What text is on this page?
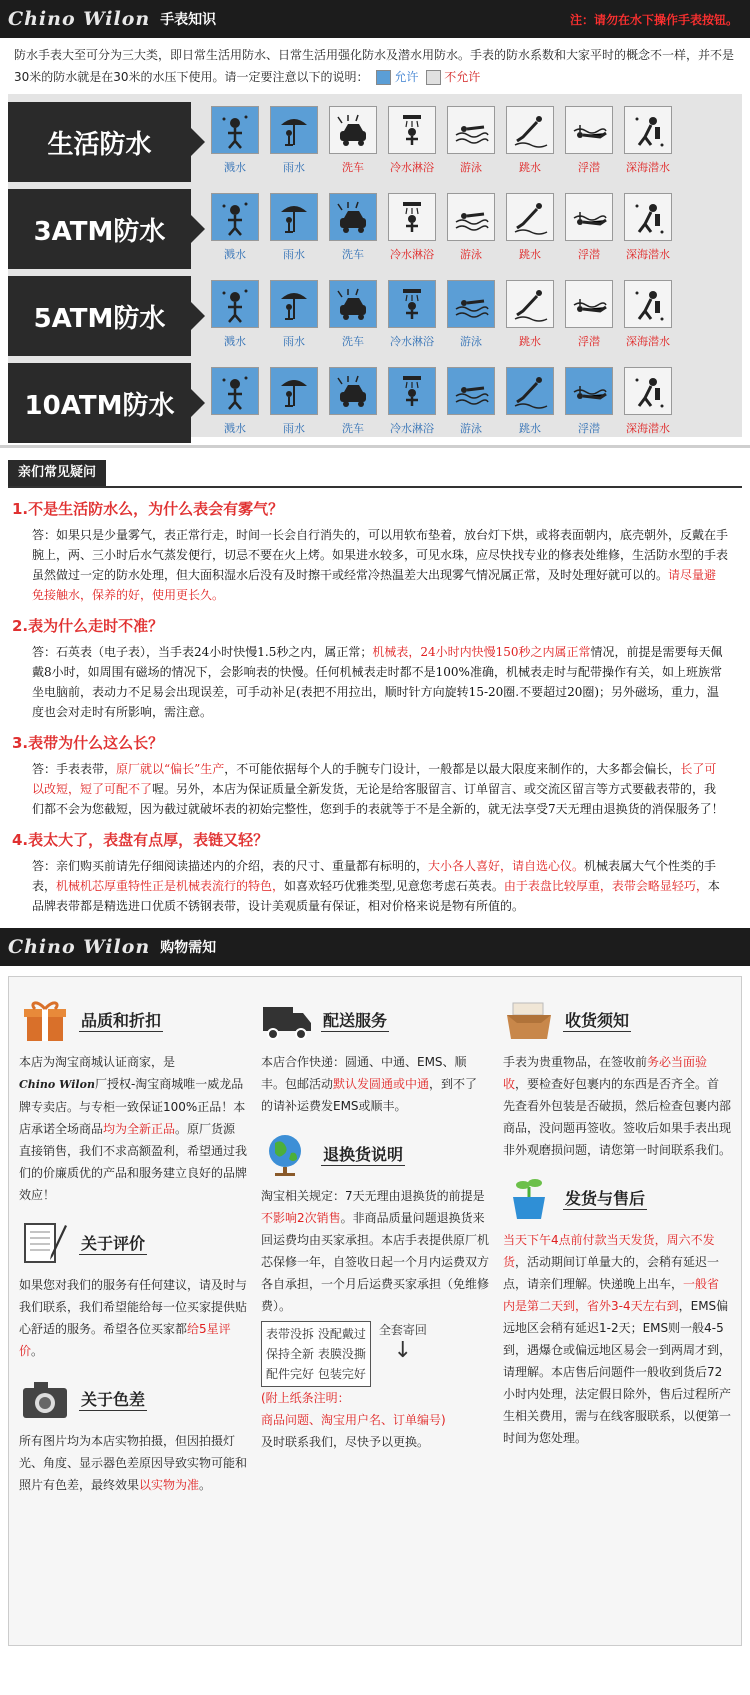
Chino Wilon 手表知识	注：请勿在水下操作手表按钮。
防水手表大至可分为三大类，即日常生活用防水、日常生活用强化防水及潜水用防水。手表的防水系数和大家平时的概念不一样，并不是30米的防水就是在30米的水压下使用。请一定要注意以下的说明： 允许 不允许
生活防水
溅水	雨水	洗车	冷水淋浴	游泳	跳水	浮潜	深海潜水
3ATM防水
溅水	雨水	洗车	冷水淋浴	游泳	跳水	浮潜	深海潜水
5ATM防水
溅水	雨水	洗车	冷水淋浴	游泳	跳水	浮潜	深海潜水
10ATM防水
溅水	雨水	洗车	冷水淋浴	游泳	跳水	浮潜	深海潜水
亲们常见疑问
1.不是生活防水么，为什么表会有雾气？
答：如果只是少量雾气，表正常行走，时间一长会自行消失的，可以用软布垫着，放台灯下烘，或将表面朝内，底壳朝外，反戴在手腕上，两、三小时后水气蒸发便行，切忌不要在火上烤。如果进水较多，可见水珠，应尽快找专业的修表处维修，生活防水型的手表虽然做过一定的防水处理，但大面积湿水后没有及时擦干或经常冷热温差大出现雾气情况属正常，及时处理好就可以的。请尽量避免接触水，保养的好，使用更长久。
2.表为什么走时不准？
答：石英表（电子表），当手表24小时快慢1.5秒之内，属正常；机械表，24小时内快慢150秒之内属正常情况，前提是需要每天佩戴8小时，如周围有磁场的情况下，会影响表的快慢。任何机械表走时都不是100%准确，机械表走时与配带操作有关，如上班族常坐电脑前，表动力不足易会出现误差，可手动补足(表把不用拉出，顺时针方向旋转15-20圈.不要超过20圈)；另外磁场，重力，温度也会对走时有所影响，需注意。
3.表带为什么这么长？
答：手表表带，原厂就以“偏长”生产，不可能依据每个人的手腕专门设计，一般都是以最大限度来制作的，大多都会偏长，长了可以改短，短了可配不了喔。另外，本店为保证质量全新发货，无论是给客服留言、订单留言、或交流区留言等方式要截表带的，我们都不会为您截短，因为截过就破坏表的初始完整性，您到手的表就等于不是全新的，就无法享受7天无理由退换货的消保服务了！
4.表太大了，表盘有点厚，表链又轻？
答：亲们购买前请先仔细阅读描述内的介绍，表的尺寸、重量都有标明的，大小各人喜好，请自选心仪。机械表属大气个性类的手表，机械机芯厚重特性正是机械表流行的特色，如喜欢轻巧优雅类型,见意您考虑石英表。由于表盘比较厚重，表带会略显轻巧，本品牌表带都是精选进口优质不锈钢表带，设计美观质量有保证，相对价格来说是物有所值的。
Chino Wilon 购物需知
品质和折扣
本店为淘宝商城认证商家，是
Chino Wilon厂授权-淘宝商城唯一威龙品牌专卖店。与专柜一致保证100%正品！本店承诺全场商品均为全新正品。原厂货源直接销售，我们不求高额盈利，希望通过我们的价廉质优的产品和服务建立良好的品牌效应！
关于评价
如果您对我们的服务有任何建议，请及时与我们联系，我们希望能给每一位买家提供贴心舒适的服务。希望各位买家都给5星评价。
关于色差
所有图片均为本店实物拍摄，但因拍摄灯光、角度、显示器色差原因导致实物可能和照片有色差，最终效果以实物为准。
配送服务
本店合作快递：圆通、中通、EMS、顺丰。包邮活动默认发圆通或中通，到不了的请补运费发EMS或顺丰。
退换货说明
淘宝相关规定：7天无理由退换货的前提是不影响2次销售。非商品质量问题退换货来回运费均由买家承担。本店手表提供原厂机芯保修一年，自签收日起一个月内运费双方各自承担，一个月后运费买家承担（免维修费）。
表带没拆 没配戴过
保持全新 表膜没撕
配件完好 包装完好
全套寄回
↓
(附上纸条注明：
商品问题、淘宝用户名、订单编号)
及时联系我们，尽快予以更换。
收货须知
手表为贵重物品，在签收前务必当面验收，要检查好包裹内的东西是否齐全。首先查看外包装是否破损，然后检查包裹内部商品，没问题再签收。签收后如果手表出现非外观磨损问题，请您第一时间联系我们。
发货与售后
当天下午4点前付款当天发货，周六不发货，活动期间订单量大的，会稍有延迟一点，请亲们理解。快递晚上出车，一般省内是第二天到，省外3-4天左右到，EMS偏远地区会稍有延迟1-2天；EMS则一般4-5到，遇爆仓或偏远地区易会一到两周才到，请理解。本店售后问题件一般收到货后72小时内处理，法定假日除外，售后过程所产生相关费用，需与在线客服联系，以便第一时间为您处理。
